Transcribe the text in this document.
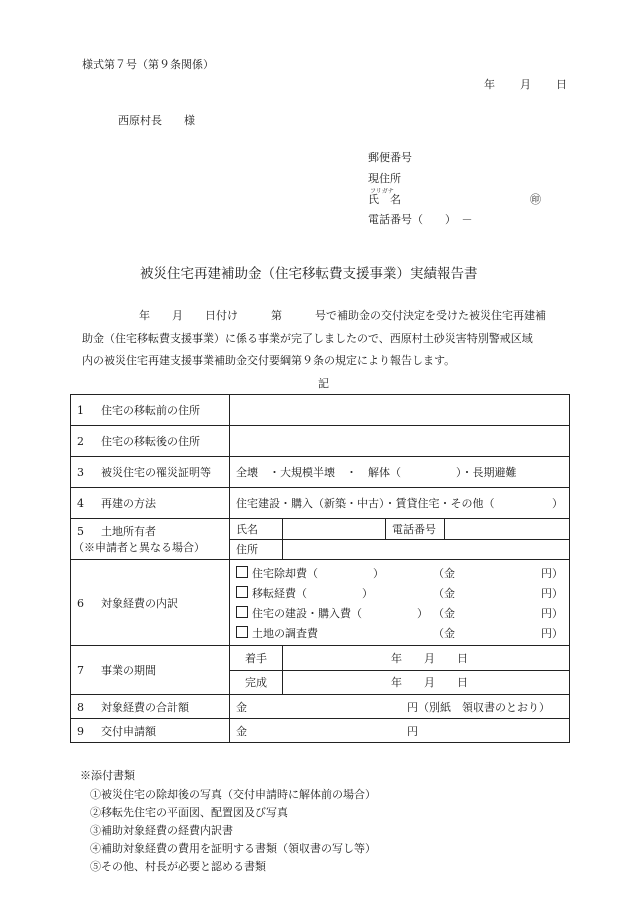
様式第７号（第９条関係）
年 月 日
西原村長　　様
郵便番号
現住所
フリガナ
氏　名	㊞
電話番号（　　）　－
被災住宅再建補助金（住宅移転費支援事業）実績報告書
　年　　月　　日付け　　　第　　　号で補助金の交付決定を受けた被災住宅再建補
助金（住宅移転費支援事業）に係る事業が完了しましたので、西原村土砂災害特別警戒区域
内の被災住宅再建支援事業補助金交付要綱第９条の規定により報告します。
記
1 住宅の移転前の住所	
2 住宅の移転後の住所	
3 被災住宅の罹災証明等	全壊　・大規模半壊　・　解体（　　　　　）・長期避難
4 再建の方法	住宅建設・購入（新築・中古）・賃貸住宅・その他（	）

5 土地所有者
（※申請者と異なる場合）

氏名		電話番号	
住所	

6 対象経費の内訳	
住宅除却費（　　　　　）	（金	円）
移転経費（　　　　　）	（金	円）
住宅の建設・購入費（　　　　　） （金	円）
土地の調査費	（金	円）

7 事業の期間	
着手	年　　月　　日
完成	年　　月　　日

8 対象経費の合計額	金	円（別紙　領収書のとおり）
9 交付申請額	金	円
※添付書類
①被災住宅の除却後の写真（交付申請時に解体前の場合）
②移転先住宅の平面図、配置図及び写真
③補助対象経費の経費内訳書
④補助対象経費の費用を証明する書類（領収書の写し等）
⑤その他、村長が必要と認める書類
